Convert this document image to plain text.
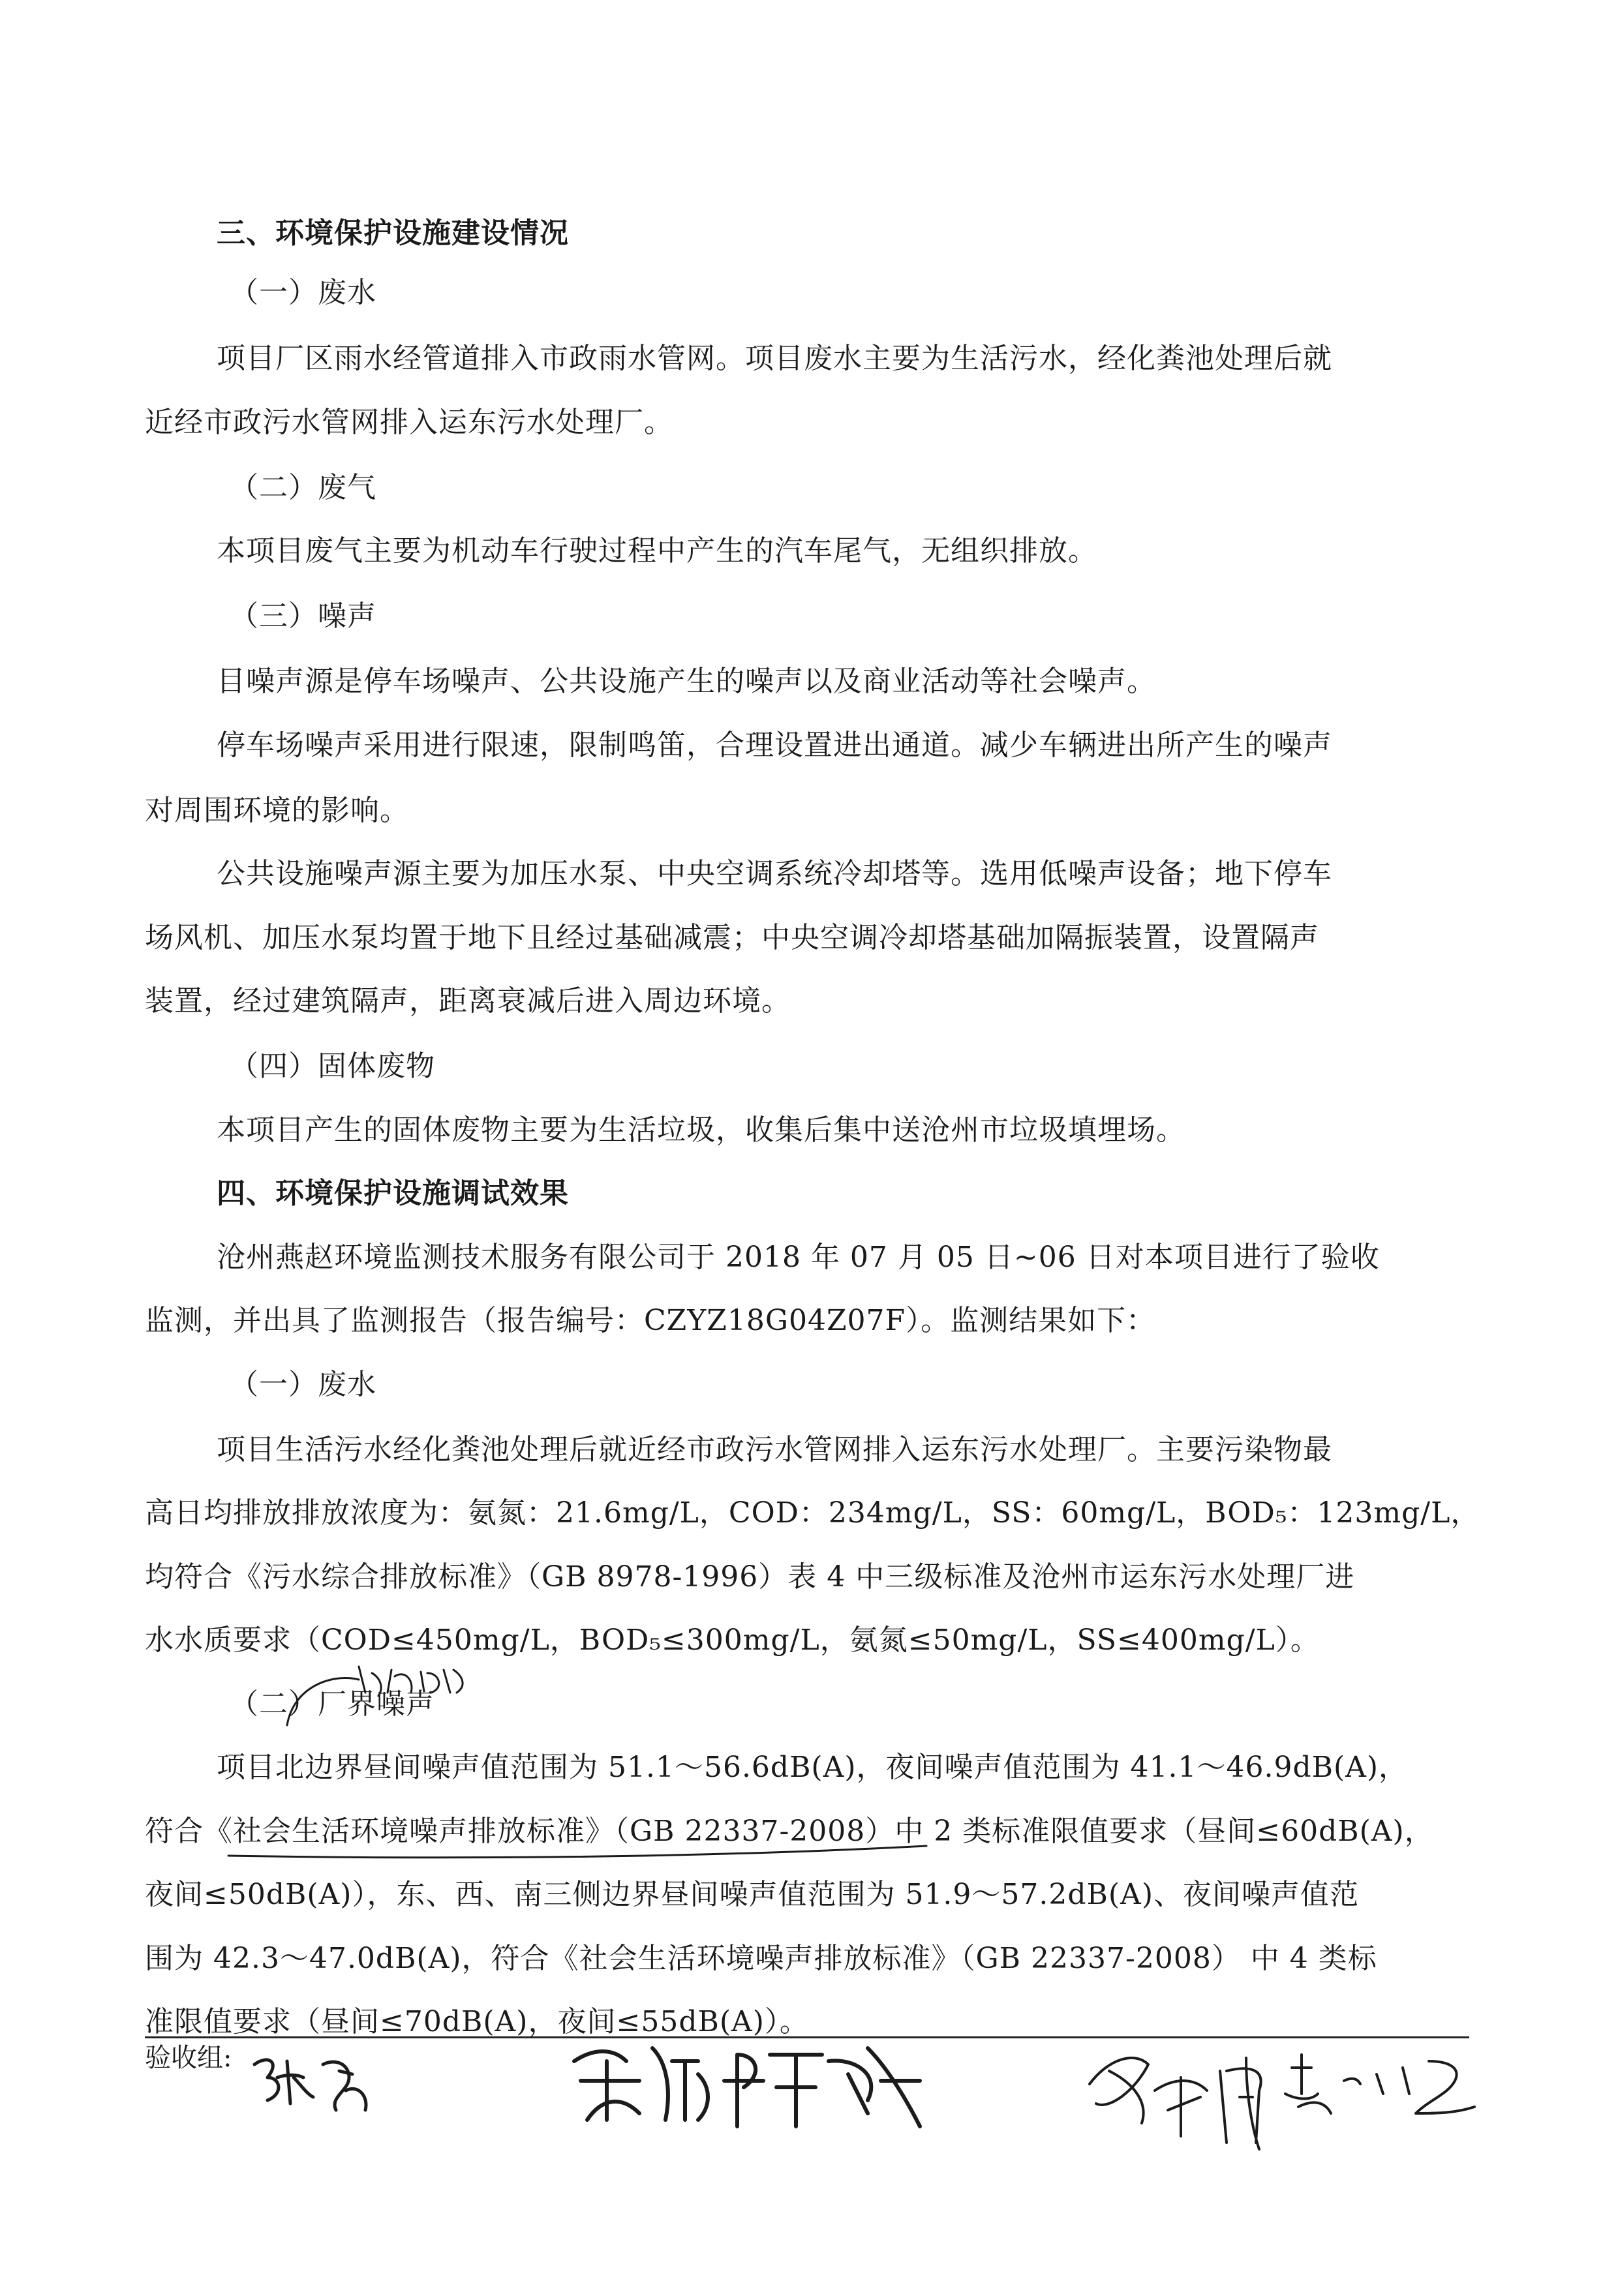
三、环境保护设施建设情况
（一）废水
项目厂区雨水经管道排入市政雨水管网。项目废水主要为生活污水，经化粪池处理后就
近经市政污水管网排入运东污水处理厂。
（二）废气
本项目废气主要为机动车行驶过程中产生的汽车尾气，无组织排放。
（三）噪声
目噪声源是停车场噪声、公共设施产生的噪声以及商业活动等社会噪声。
停车场噪声采用进行限速，限制鸣笛，合理设置进出通道。减少车辆进出所产生的噪声
对周围环境的影响。
公共设施噪声源主要为加压水泵、中央空调系统冷却塔等。选用低噪声设备；地下停车
场风机、加压水泵均置于地下且经过基础减震；中央空调冷却塔基础加隔振装置，设置隔声
装置，经过建筑隔声，距离衰减后进入周边环境。
（四）固体废物
本项目产生的固体废物主要为生活垃圾，收集后集中送沧州市垃圾填埋场。
四、环境保护设施调试效果
沧州燕赵环境监测技术服务有限公司于 2018 年 07 月 05 日~06 日对本项目进行了验收
监测，并出具了监测报告（报告编号：CZYZ18G04Z07F）。监测结果如下：
（一）废水
项目生活污水经化粪池处理后就近经市政污水管网排入运东污水处理厂。主要污染物最
高日均排放排放浓度为：氨氮：21.6mg/L，COD：234mg/L，SS：60mg/L，BOD₅：123mg/L，
均符合《污水综合排放标准》（GB 8978-1996）表 4 中三级标准及沧州市运东污水处理厂进
水水质要求（COD≤450mg/L，BOD₅≤300mg/L，氨氮≤50mg/L，SS≤400mg/L）。
（二）厂界噪声
项目北边界昼间噪声值范围为 51.1～56.6dB(A)，夜间噪声值范围为 41.1～46.9dB(A)，
符合《社会生活环境噪声排放标准》（GB 22337-2008）中 2 类标准限值要求（昼间≤60dB(A)，
夜间≤50dB(A)），东、西、南三侧边界昼间噪声值范围为 51.9～57.2dB(A)、夜间噪声值范
围为 42.3～47.0dB(A)，符合《社会生活环境噪声排放标准》（GB 22337-2008） 中 4 类标
准限值要求（昼间≤70dB(A)，夜间≤55dB(A)）。
验收组:
